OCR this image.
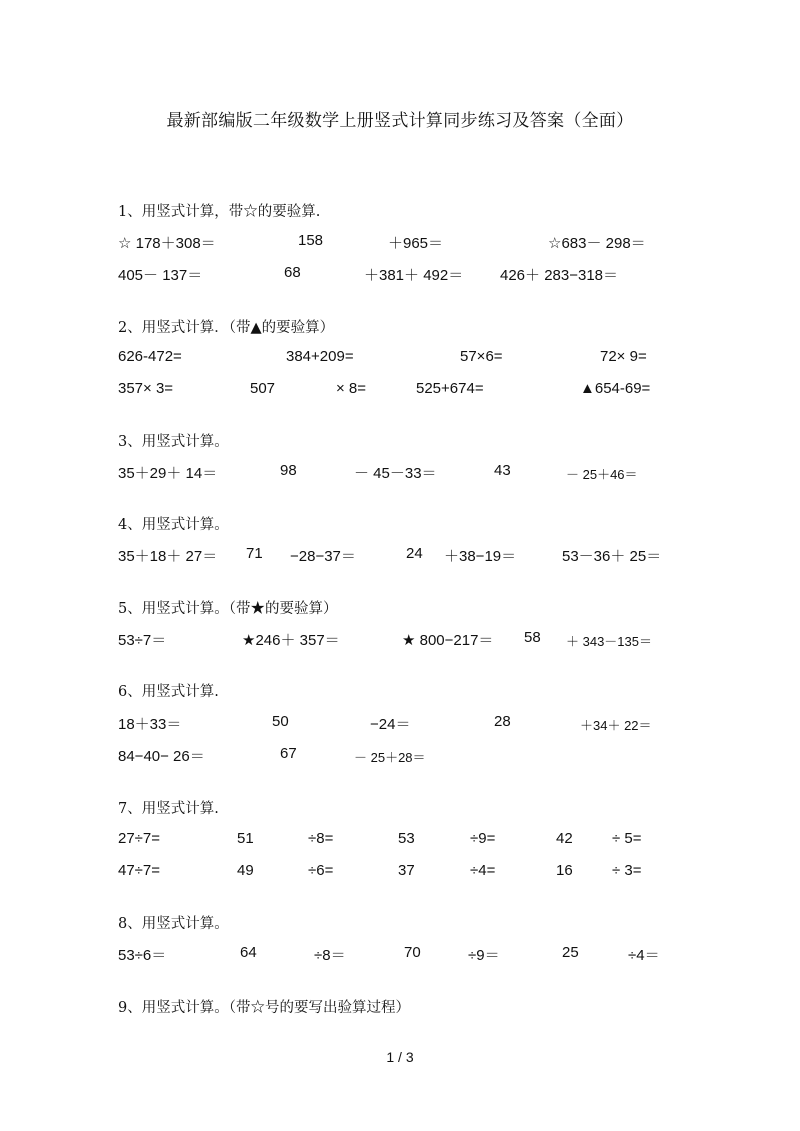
最新部编版二年级数学上册竖式计算同步练习及答案（全面）
1、用竖式计算，带☆的要验算.
☆ 178＋308＝	158	＋965＝	☆683－ 298＝
405－ 137＝	68	＋381＋ 492＝ 426＋ 283−318＝
2、用竖式计算．（带▲的要验算）
626-472=	384+209=	57×6=	72× 9=
357× 3=	507	× 8=	525+674=	▲654-69=
3、用竖式计算。
35＋29＋ 14＝	98	－ 45－33＝	43	－ 25＋46＝
4、用竖式计算。
35＋18＋ 27＝ 71 −28−37＝	24 ＋38−19＝	53－36＋ 25＝
5、用竖式计算。（带★的要验算）
53÷7＝	★246＋ 357＝	★ 800−217＝ 58 ＋ 343－135＝
6、用竖式计算.
18＋33＝	50	−24＝	28	＋34＋ 22＝
84−40− 26＝	67	－ 25＋28＝
7、用竖式计算.
27÷7=	51	÷8=	53	÷9=	42	÷ 5=
47÷7=	49	÷6=	37	÷4=	16	÷ 3=
8、用竖式计算。
53÷6＝	64	÷8＝	70	÷9＝	25	÷4＝
9、用竖式计算。（带☆号的要写出验算过程）
1 / 3
